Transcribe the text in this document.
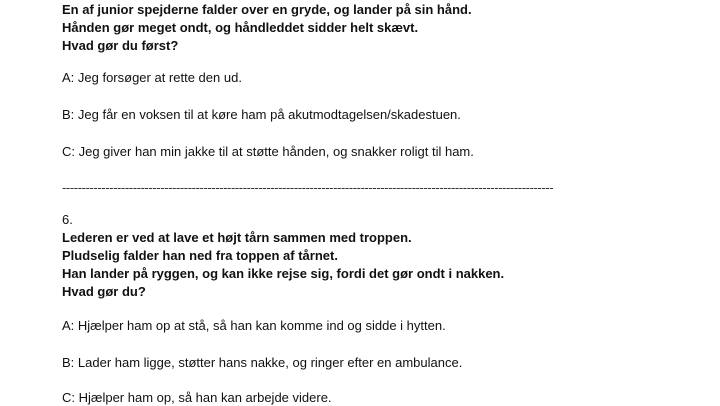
En af junior spejderne falder over en gryde, og lander på sin hånd.
Hånden gør meget ondt, og håndleddet sidder helt skævt.
Hvad gør du først?
A: Jeg forsøger at rette den ud.
B: Jeg får en voksen til at køre ham på akutmodtagelsen/skadestuen.
C: Jeg giver han min jakke til at støtte hånden, og snakker roligt til ham.
-----------------------------------------------------------------------------------------------------------------------------
6.
Lederen er ved at lave et højt tårn sammen med troppen.
Pludselig falder han ned fra toppen af tårnet.
Han lander på ryggen, og kan ikke rejse sig, fordi det gør ondt i nakken.
Hvad gør du?
A: Hjælper ham op at stå, så han kan komme ind og sidde i hytten.
B: Lader ham ligge, støtter hans nakke, og ringer efter en ambulance.
C: Hjælper ham op, så han kan arbejde videre.
